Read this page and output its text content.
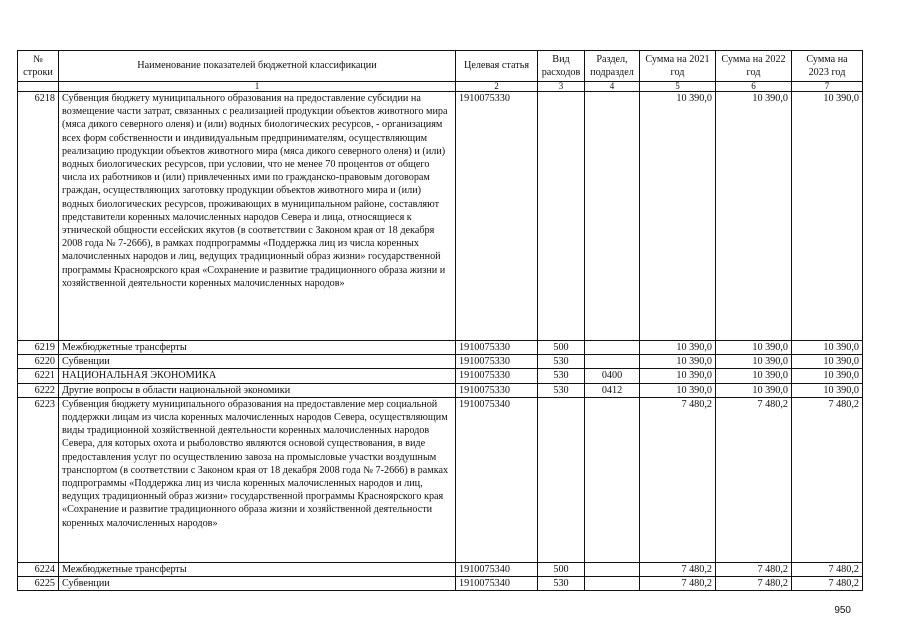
№ строки	Наименование показателей бюджетной классификации	Целевая статья	Вид расходов	Раздел, подраздел	Сумма на 2021 год	Сумма на 2022 год	Сумма на 2023 год
	1	2	3	4	5	6	7
6218	Субвенция бюджету муниципального образования на предоставление субсидии на возмещение части затрат, связанных с реализацией продукции объектов животного мира (мяса дикого северного оленя) и (или) водных биологических ресурсов, - организациям всех форм собственности и индивидуальным предпринимателям, осуществляющим реализацию продукции объектов животного мира (мяса дикого северного оленя) и (или) водных биологических ресурсов, при условии, что не менее 70 процентов от общего числа их работников и (или) привлеченных ими по гражданско-правовым договорам граждан, осуществляющих заготовку продукции объектов животного мира и (или) водных биологических ресурсов, проживающих в муниципальном районе, составляют представители коренных малочисленных народов Севера и лица, относящиеся к этнической общности ессейских якутов (в соответствии с Законом края от 18 декабря 2008 года № 7-2666), в рамках подпрограммы «Поддержка лиц из числа коренных малочисленных народов и лиц, ведущих традиционный образ жизни» государственной программы Красноярского края «Сохранение и развитие традиционного образа жизни и хозяйственной деятельности коренных малочисленных народов»	1910075330			10 390,0	10 390,0	10 390,0
6219	Межбюджетные трансферты	1910075330	500		10 390,0	10 390,0	10 390,0
6220	Субвенции	1910075330	530		10 390,0	10 390,0	10 390,0
6221	НАЦИОНАЛЬНАЯ ЭКОНОМИКА	1910075330	530	0400	10 390,0	10 390,0	10 390,0
6222	Другие вопросы в области национальной экономики	1910075330	530	0412	10 390,0	10 390,0	10 390,0
6223	Субвенция бюджету муниципального образования на предоставление мер социальной поддержки лицам из числа коренных малочисленных народов Севера, осуществляющим виды традиционной хозяйственной деятельности коренных малочисленных народов Севера, для которых охота и рыболовство являются основой существования, в виде предоставления услуг по осуществлению завоза на промысловые участки воздушным транспортом (в соответствии с Законом края от 18 декабря 2008 года № 7-2666) в рамках подпрограммы «Поддержка лиц из числа коренных малочисленных народов и лиц, ведущих традиционный образ жизни» государственной программы Красноярского края «Сохранение и развитие традиционного образа жизни и хозяйственной деятельности коренных малочисленных народов»	1910075340			7 480,2	7 480,2	7 480,2
6224	Межбюджетные трансферты	1910075340	500		7 480,2	7 480,2	7 480,2
6225	Субвенции	1910075340	530		7 480,2	7 480,2	7 480,2
950
